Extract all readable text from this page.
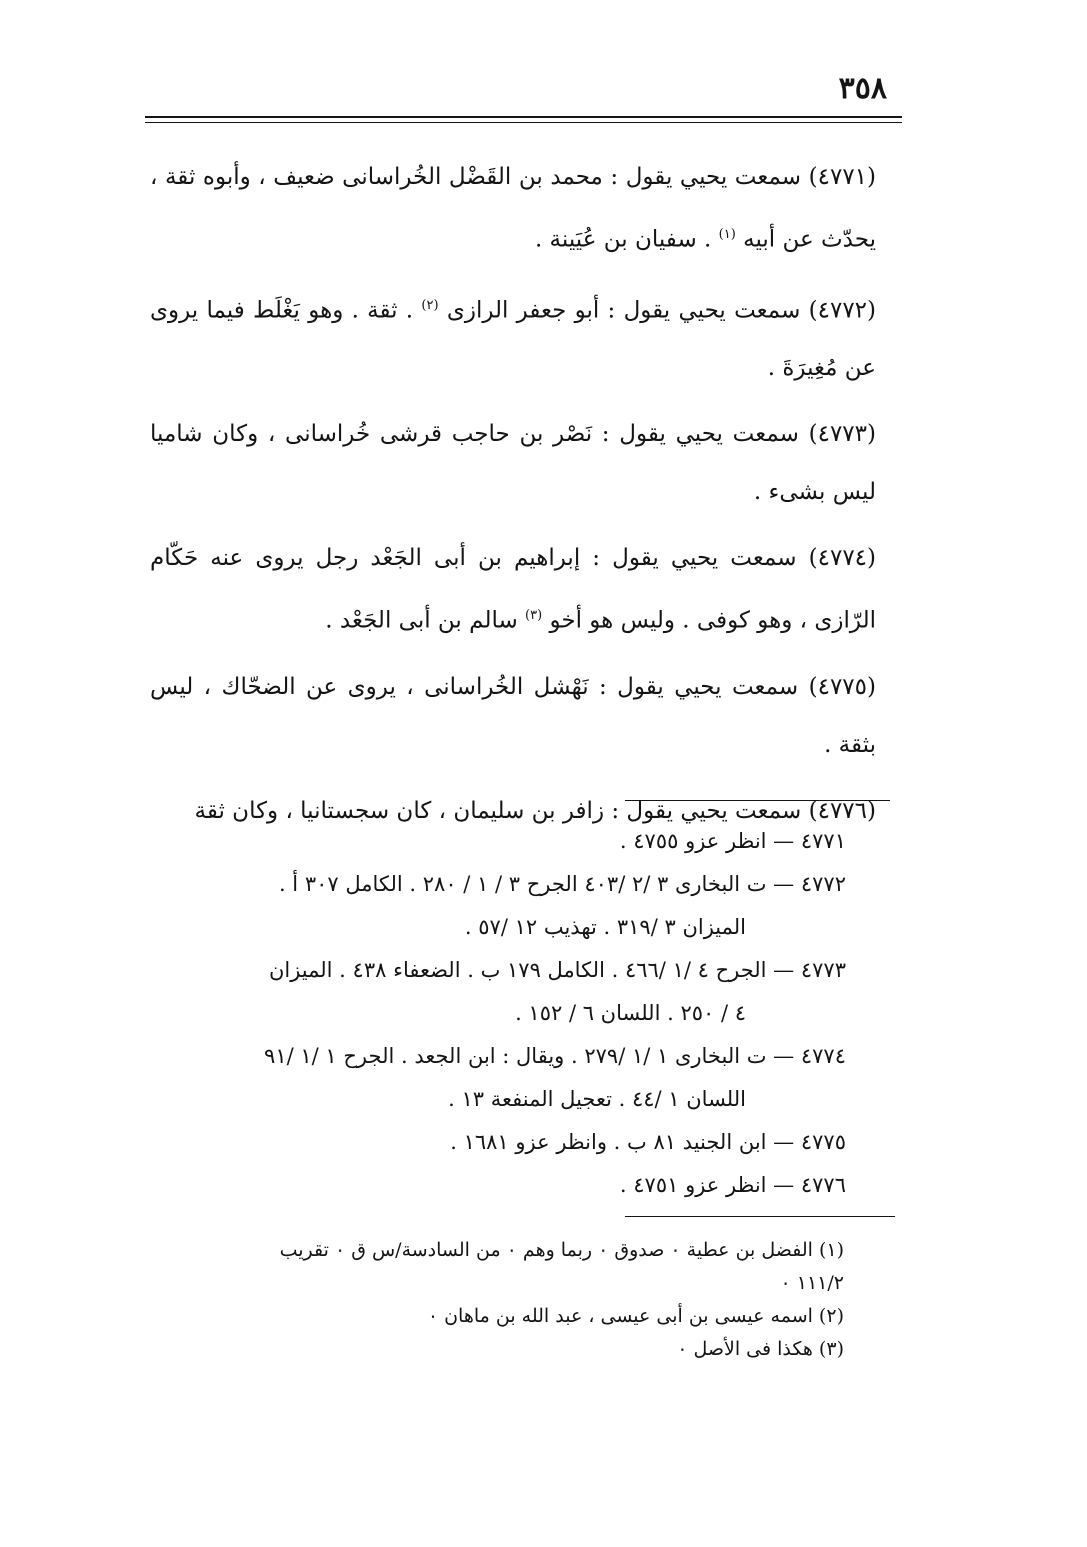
٣٥٨

(٤٧٧١) سمعت يحيي يقول : محمد بن القَضْل الخُراسانى ضعيف ، وأبوه ثقة ، يحدّث عن أبيه $^{(١)}$ . سفيان بن عُيَينة .

(٤٧٧٢) سمعت يحيي يقول : أبو جعفر الرازى $^{(٢)}$ . ثقة . وهو يَغْلَط فيما يروى عن مُغِيرَةَ .

(٤٧٧٣) سمعت يحيي يقول : نَصْر بن حاجب قرشى خُراسانى ، وكان شاميا ليس بشىء .

(٤٧٧٤) سمعت يحيي يقول : إبراهيم بن أبى الجَعْد رجل يروى عنه حَكّام الرّازى ، وهو كوفى . وليس هو أخو $^{(٣)}$ سالم بن أبى الجَعْد .

(٤٧٧٥) سمعت يحيي يقول : نَهْشل الخُراسانى ، يروى عن الضحّاك ، ليس بثقة .

(٤٧٧٦) سمعت يحيي يقول : زافر بن سليمان ، كان سجستانيا ، وكان ثقة

٤٧٧١ — انظر عزو ٤٧٥٥ .
٤٧٧٢ — ت البخارى ٣ /٢ /٤٠٣ الجرح ٣ / ١ / ٢٨٠ . الكامل ٣٠٧ أ .
الميزان ٣ /٣١٩ . تهذيب ١٢ /٥٧ .
٤٧٧٣ — الجرح ٤ /١ /٤٦٦ . الكامل ١٧٩ ب . الضعفاء ٤٣٨ . الميزان
٤ / ٢٥٠ . اللسان ٦ / ١٥٢ .
٤٧٧٤ — ت البخارى ١ /١ /٢٧٩ . ويقال : ابن الجعد . الجرح ١ /١ /٩١
اللسان ١ /٤٤ . تعجيل المنفعة ١٣ .
٤٧٧٥ — ابن الجنيد ٨١ ب . وانظر عزو ١٦٨١ .
٤٧٧٦ — انظر عزو ٤٧٥١ .
(١) الفضل بن عطية ٠ صدوق ٠ ربما وهم ٠ من السادسة/س ق ٠ تقريب
١١١/٢ ٠
(٢) اسمه عيسى بن أبى عيسى ، عبد الله بن ماهان ٠
(٣) هكذا فى الأصل ٠
